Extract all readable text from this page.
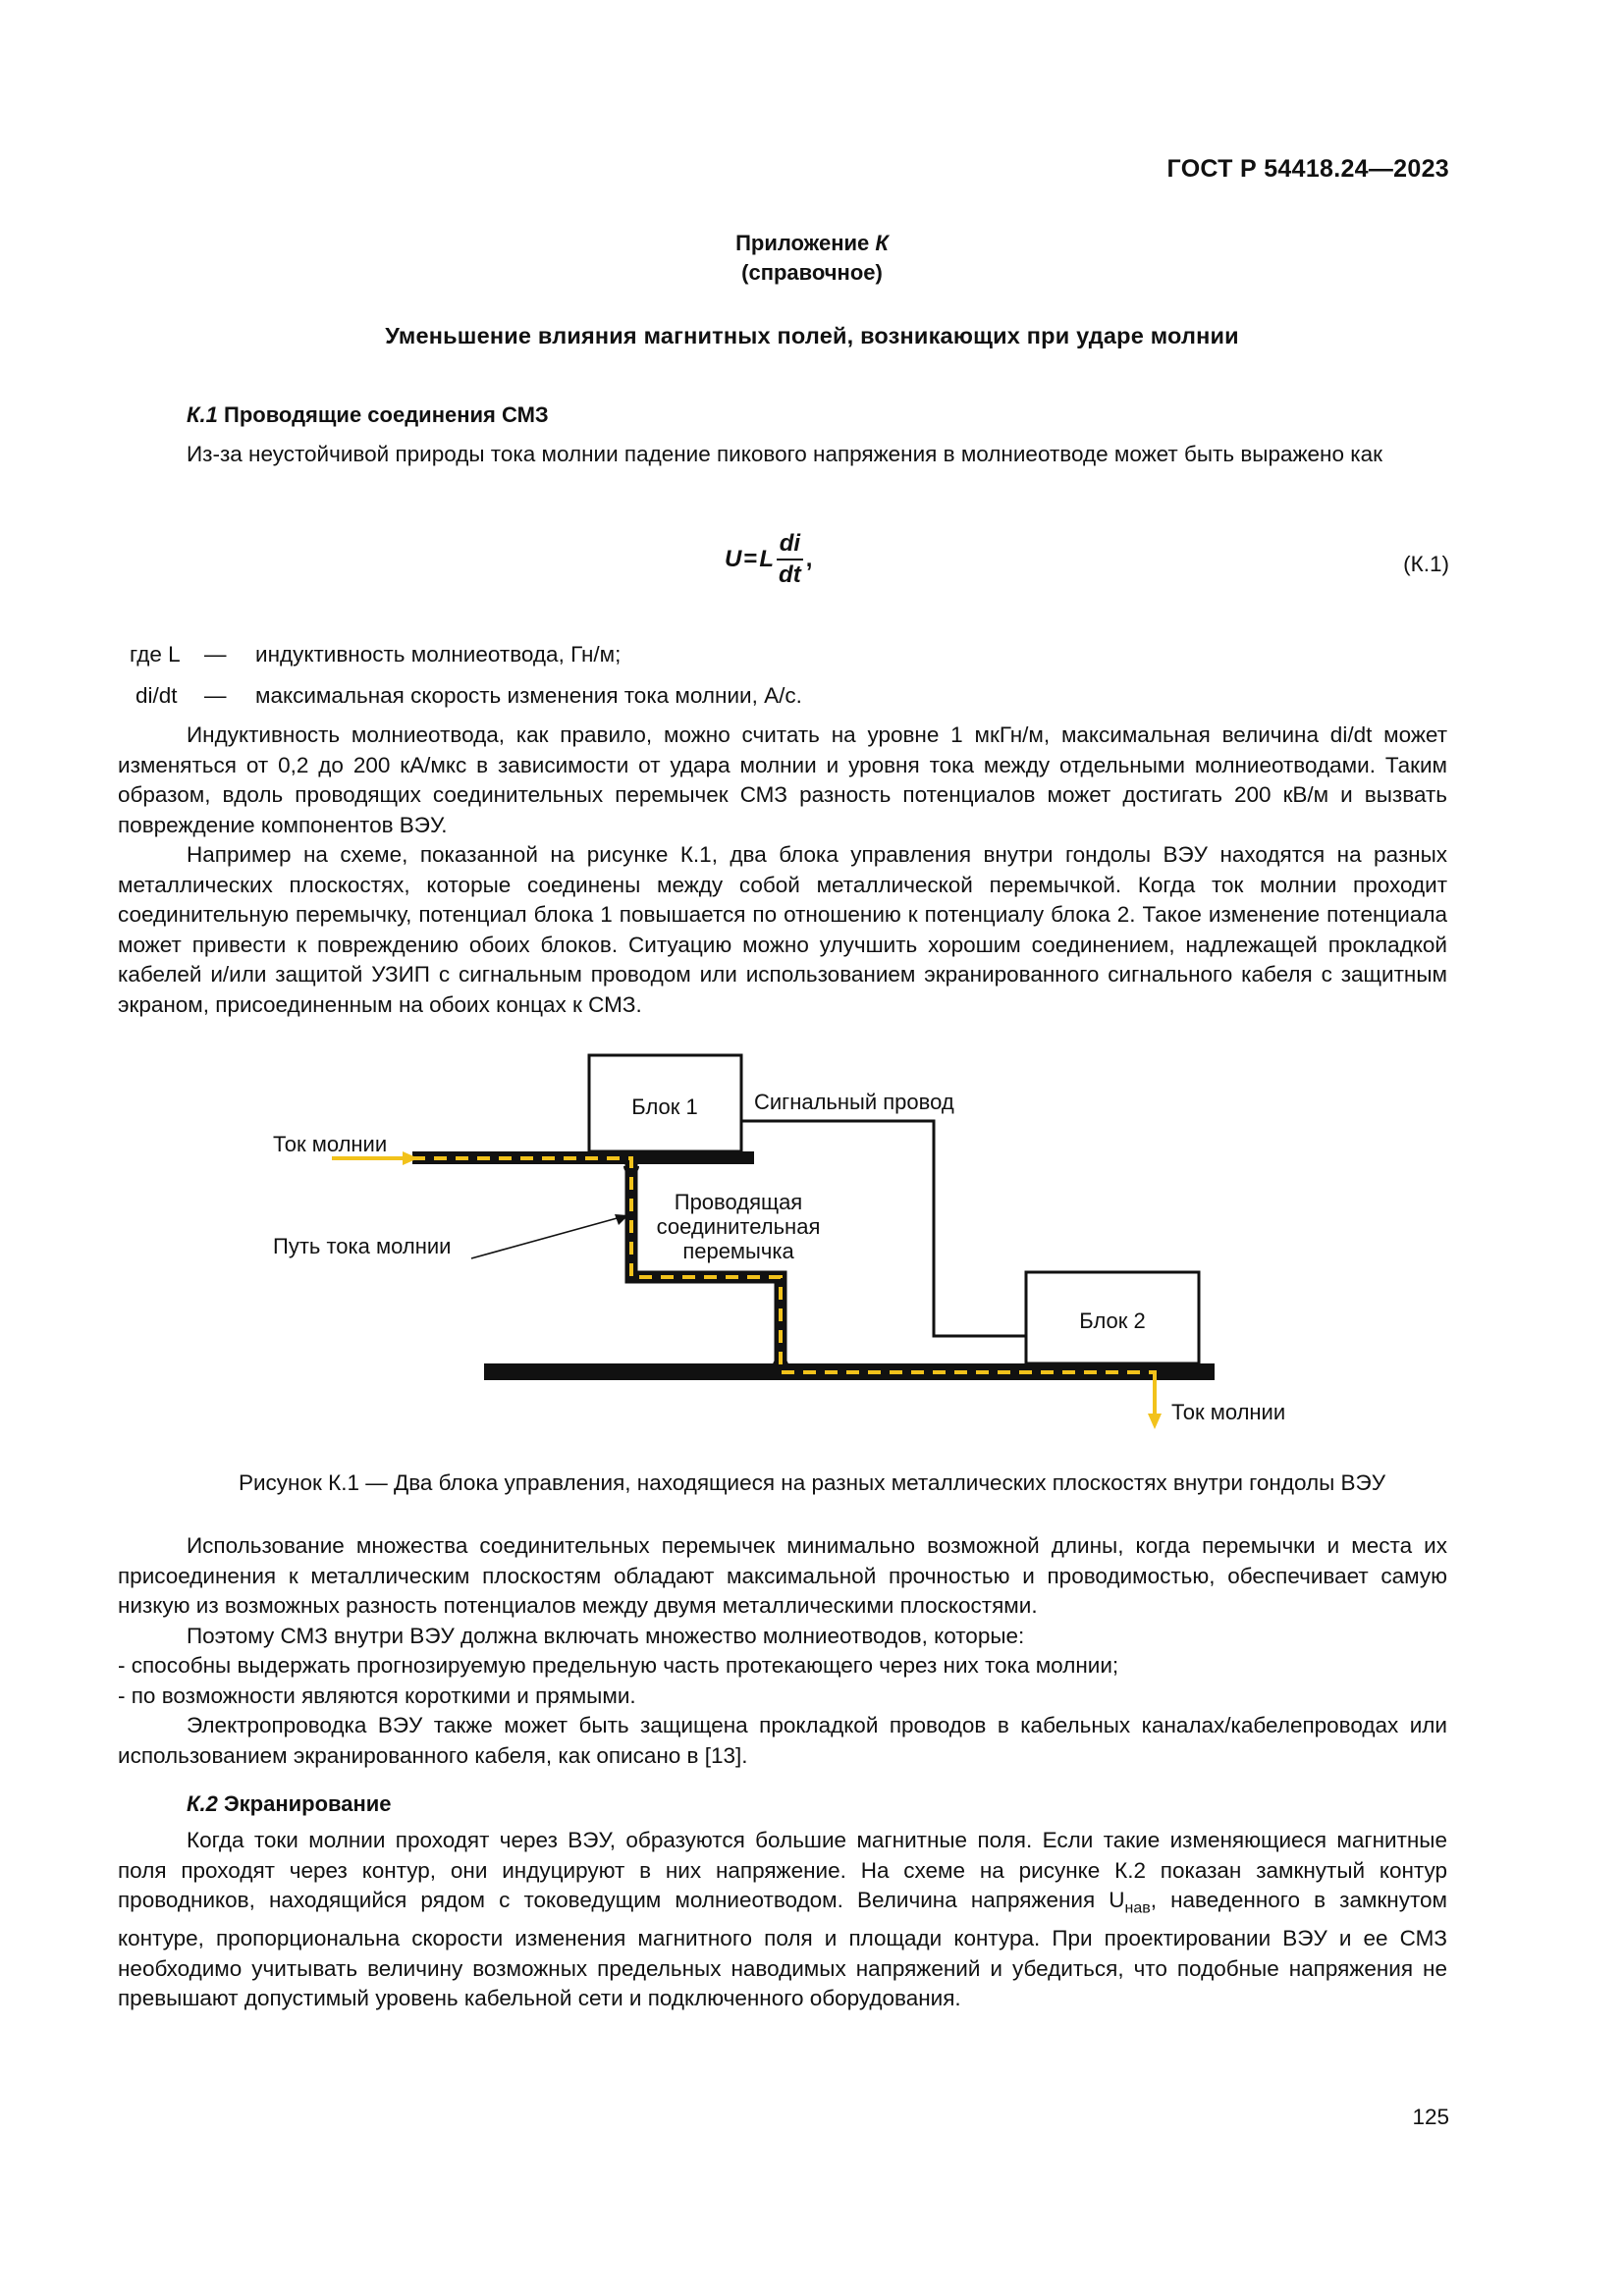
ГОСТ Р 54418.24—2023
Приложение К
(справочное)
Уменьшение влияния магнитных полей, возникающих при ударе молнии
К.1 Проводящие соединения СМЗ

Из-за неустойчивой природы тока молнии падение пикового напряжения в молниеотводе может быть выражено как

U = L $\frac{di}{dt}$ ,	(К.1)
где L	— индуктивность молниеотвода, Гн/м;
di/dt — максимальная скорость изменения тока молнии, А/с.

Индуктивность молниеотвода, как правило, можно считать на уровне 1 мкГн/м, максимальная величина di/dt может изменяться от 0,2 до 200 кА/мкс в зависимости от удара молнии и уровня тока между отдельными молниеотводами. Таким образом, вдоль проводящих соединительных перемычек СМЗ разность потенциалов может достигать 200 кВ/м и вызвать повреждение компонентов ВЭУ.

Например на схеме, показанной на рисунке К.1, два блока управления внутри гондолы ВЭУ находятся на разных металлических плоскостях, которые соединены между собой металлической перемычкой. Когда ток молнии проходит соединительную перемычку, потенциал блока 1 повышается по отношению к потенциалу блока 2. Такое изменение потенциала может привести к повреждению обоих блоков. Ситуацию можно улучшить хорошим соединением, надлежащей прокладкой кабелей и/или защитой УЗИП с сигнальным проводом или использованием экранированного сигнального кабеля с защитным экраном, присоединенным на обоих концах к СМЗ.

Блок 1
Блок 2
Сигнальный провод
Ток молнии
Ток молнии
Путь тока молнии
Проводящая
соединительная
перемычка
Рисунок К.1 — Два блока управления, находящиеся на разных металлических плоскостях внутри гондолы ВЭУ

Использование множества соединительных перемычек минимально возможной длины, когда перемычки и места их присоединения к металлическим плоскостям обладают максимальной прочностью и проводимостью, обеспечивает самую низкую из возможных разность потенциалов между двумя металлическими плоскостями.

Поэтому СМЗ внутри ВЭУ должна включать множество молниеотводов, которые:

- способны выдержать прогнозируемую предельную часть протекающего через них тока молнии;

- по возможности являются короткими и прямыми.

Электропроводка ВЭУ также может быть защищена прокладкой проводов в кабельных каналах/кабелепроводах или использованием экранированного кабеля, как описано в [13].

К.2 Экранирование

Когда токи молнии проходят через ВЭУ, образуются большие магнитные поля. Если такие изменяющиеся магнитные поля проходят через контур, они индуцируют в них напряжение. На схеме на рисунке К.2 показан замкнутый контур проводников, находящийся рядом с токоведущим молниеотводом. Величина напряжения $U_{нав}$, наведенного в замкнутом контуре, пропорциональна скорости изменения магнитного поля и площади контура. При проектировании ВЭУ и ее СМЗ необходимо учитывать величину возможных предельных наводимых напряжений и убедиться, что подобные напряжения не превышают допустимый уровень кабельной сети и подключенного оборудования.

125
